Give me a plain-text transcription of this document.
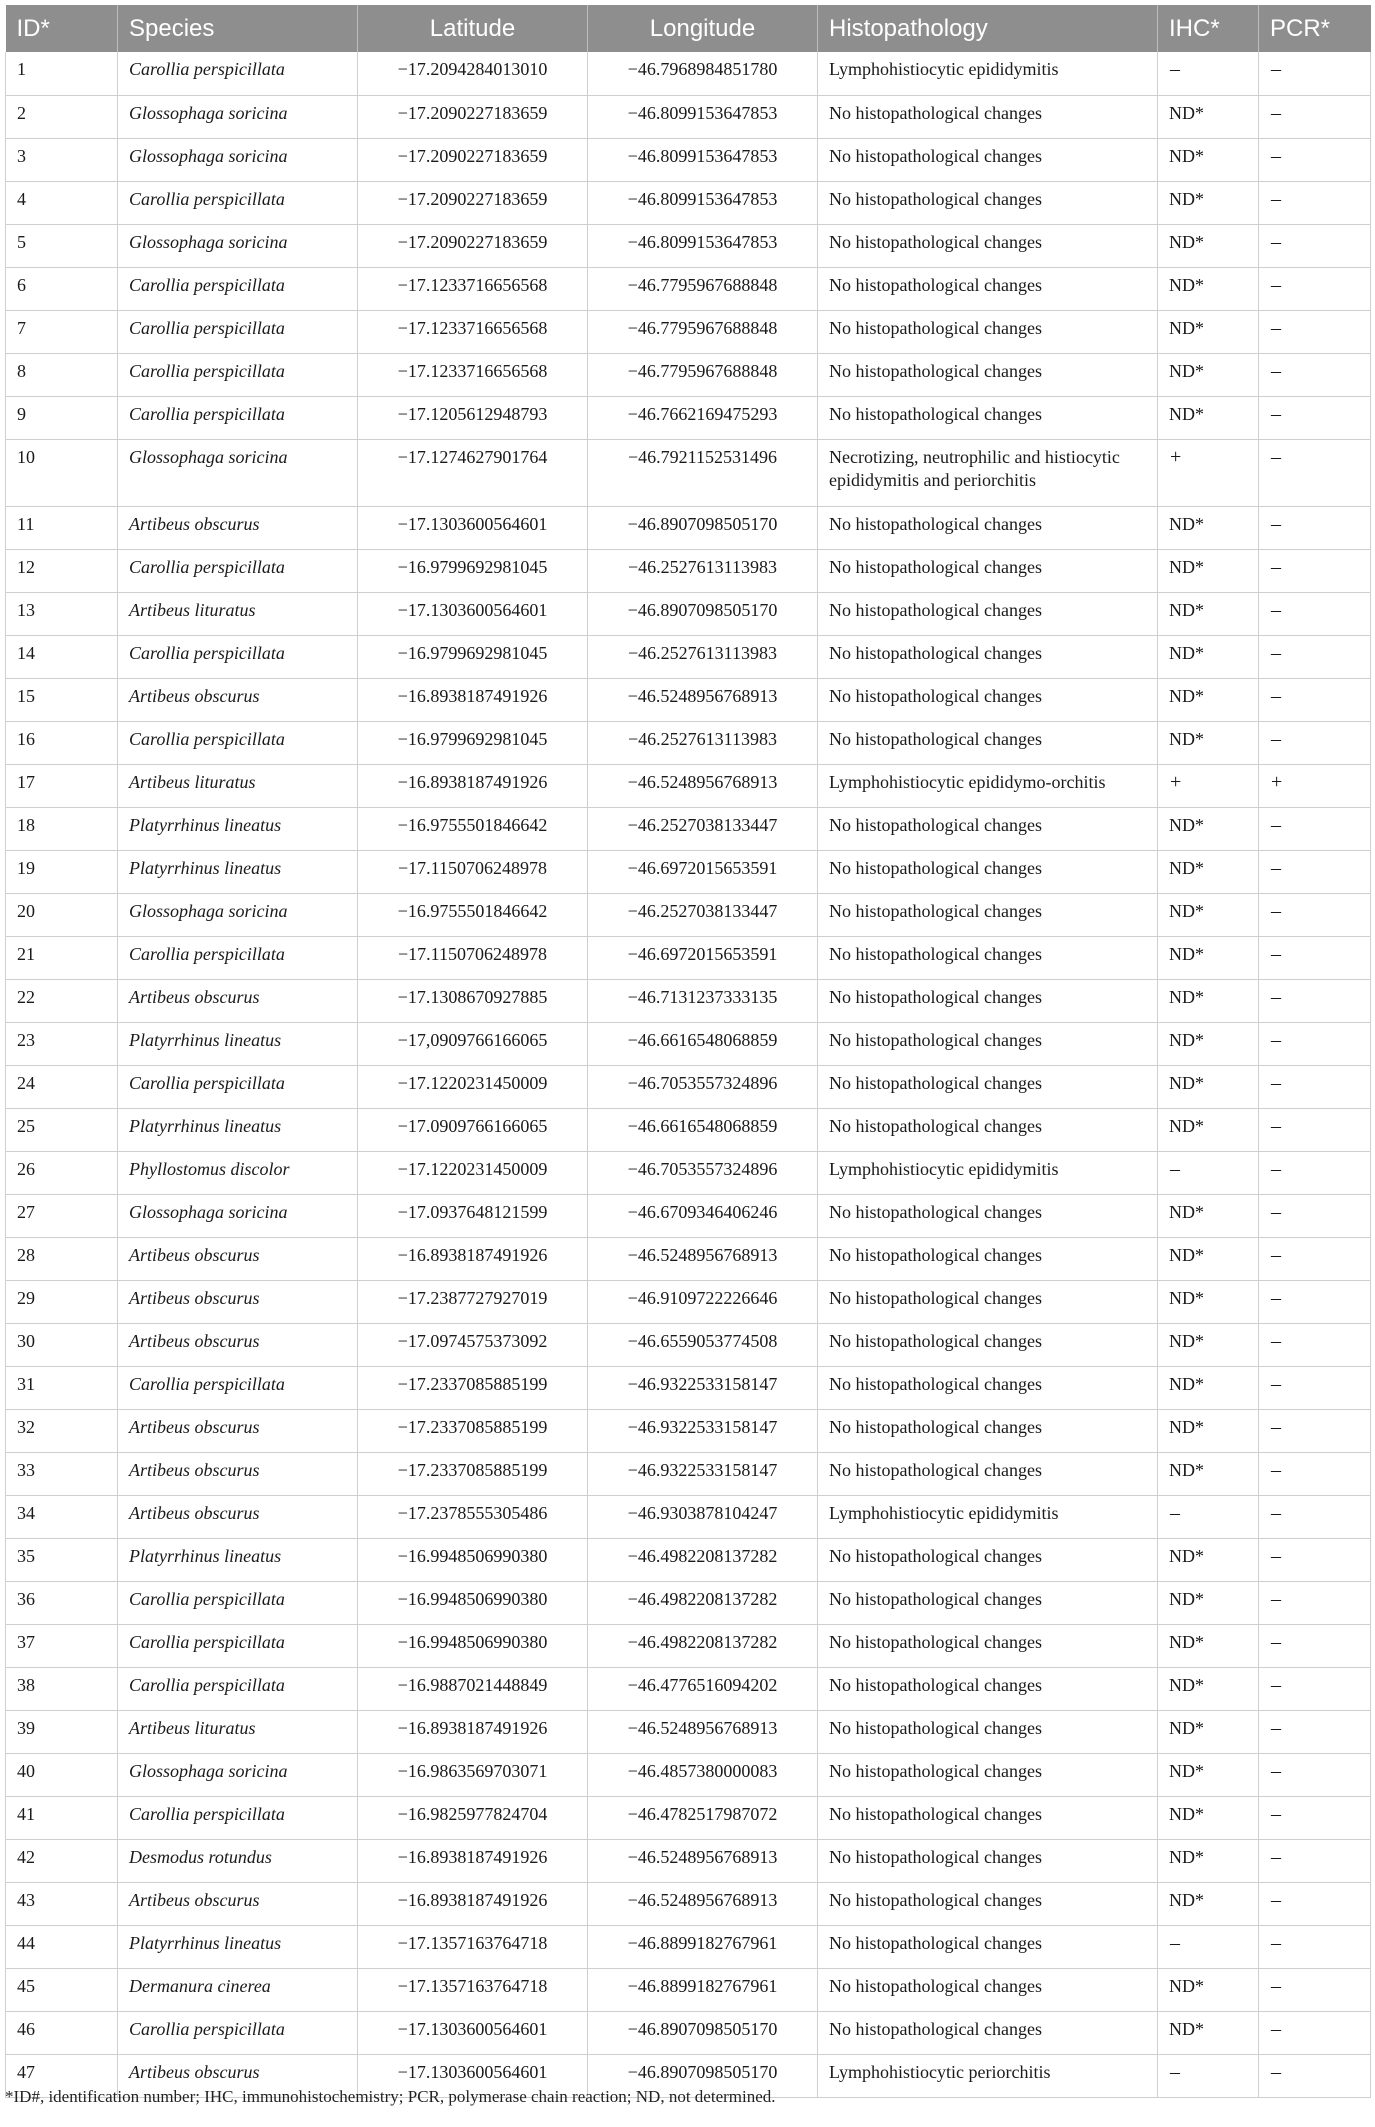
ID*	Species	Latitude	Longitude	Histopathology	IHC*	PCR*
1	Carollia perspicillata	−17.2094284013010	−46.7968984851780	Lymphohistiocytic epididymitis	–	–
2	Glossophaga soricina	−17.2090227183659	−46.8099153647853	No histopathological changes	ND*	–
3	Glossophaga soricina	−17.2090227183659	−46.8099153647853	No histopathological changes	ND*	–
4	Carollia perspicillata	−17.2090227183659	−46.8099153647853	No histopathological changes	ND*	–
5	Glossophaga soricina	−17.2090227183659	−46.8099153647853	No histopathological changes	ND*	–
6	Carollia perspicillata	−17.1233716656568	−46.7795967688848	No histopathological changes	ND*	–
7	Carollia perspicillata	−17.1233716656568	−46.7795967688848	No histopathological changes	ND*	–
8	Carollia perspicillata	−17.1233716656568	−46.7795967688848	No histopathological changes	ND*	–
9	Carollia perspicillata	−17.1205612948793	−46.7662169475293	No histopathological changes	ND*	–
10	Glossophaga soricina	−17.1274627901764	−46.7921152531496	Necrotizing, neutrophilic and histiocytic epididymitis and periorchitis	+	–
11	Artibeus obscurus	−17.1303600564601	−46.8907098505170	No histopathological changes	ND*	–
12	Carollia perspicillata	−16.9799692981045	−46.2527613113983	No histopathological changes	ND*	–
13	Artibeus lituratus	−17.1303600564601	−46.8907098505170	No histopathological changes	ND*	–
14	Carollia perspicillata	−16.9799692981045	−46.2527613113983	No histopathological changes	ND*	–
15	Artibeus obscurus	−16.8938187491926	−46.5248956768913	No histopathological changes	ND*	–
16	Carollia perspicillata	−16.9799692981045	−46.2527613113983	No histopathological changes	ND*	–
17	Artibeus lituratus	−16.8938187491926	−46.5248956768913	Lymphohistiocytic epididymo-orchitis	+	+
18	Platyrrhinus lineatus	−16.9755501846642	−46.2527038133447	No histopathological changes	ND*	–
19	Platyrrhinus lineatus	−17.1150706248978	−46.6972015653591	No histopathological changes	ND*	–
20	Glossophaga soricina	−16.9755501846642	−46.2527038133447	No histopathological changes	ND*	–
21	Carollia perspicillata	−17.1150706248978	−46.6972015653591	No histopathological changes	ND*	–
22	Artibeus obscurus	−17.1308670927885	−46.7131237333135	No histopathological changes	ND*	–
23	Platyrrhinus lineatus	−17,0909766166065	−46.6616548068859	No histopathological changes	ND*	–
24	Carollia perspicillata	−17.1220231450009	−46.7053557324896	No histopathological changes	ND*	–
25	Platyrrhinus lineatus	−17.0909766166065	−46.6616548068859	No histopathological changes	ND*	–
26	Phyllostomus discolor	−17.1220231450009	−46.7053557324896	Lymphohistiocytic epididymitis	–	–
27	Glossophaga soricina	−17.0937648121599	−46.6709346406246	No histopathological changes	ND*	–
28	Artibeus obscurus	−16.8938187491926	−46.5248956768913	No histopathological changes	ND*	–
29	Artibeus obscurus	−17.2387727927019	−46.9109722226646	No histopathological changes	ND*	–
30	Artibeus obscurus	−17.0974575373092	−46.6559053774508	No histopathological changes	ND*	–
31	Carollia perspicillata	−17.2337085885199	−46.9322533158147	No histopathological changes	ND*	–
32	Artibeus obscurus	−17.2337085885199	−46.9322533158147	No histopathological changes	ND*	–
33	Artibeus obscurus	−17.2337085885199	−46.9322533158147	No histopathological changes	ND*	–
34	Artibeus obscurus	−17.2378555305486	−46.9303878104247	Lymphohistiocytic epididymitis	–	–
35	Platyrrhinus lineatus	−16.9948506990380	−46.4982208137282	No histopathological changes	ND*	–
36	Carollia perspicillata	−16.9948506990380	−46.4982208137282	No histopathological changes	ND*	–
37	Carollia perspicillata	−16.9948506990380	−46.4982208137282	No histopathological changes	ND*	–
38	Carollia perspicillata	−16.9887021448849	−46.4776516094202	No histopathological changes	ND*	–
39	Artibeus lituratus	−16.8938187491926	−46.5248956768913	No histopathological changes	ND*	–
40	Glossophaga soricina	−16.9863569703071	−46.4857380000083	No histopathological changes	ND*	–
41	Carollia perspicillata	−16.9825977824704	−46.4782517987072	No histopathological changes	ND*	–
42	Desmodus rotundus	−16.8938187491926	−46.5248956768913	No histopathological changes	ND*	–
43	Artibeus obscurus	−16.8938187491926	−46.5248956768913	No histopathological changes	ND*	–
44	Platyrrhinus lineatus	−17.1357163764718	−46.8899182767961	No histopathological changes	–	–
45	Dermanura cinerea	−17.1357163764718	−46.8899182767961	No histopathological changes	ND*	–
46	Carollia perspicillata	−17.1303600564601	−46.8907098505170	No histopathological changes	ND*	–
47	Artibeus obscurus	−17.1303600564601	−46.8907098505170	Lymphohistiocytic periorchitis	–	–
*ID#, identification number; IHC, immunohistochemistry; PCR, polymerase chain reaction; ND, not determined.
